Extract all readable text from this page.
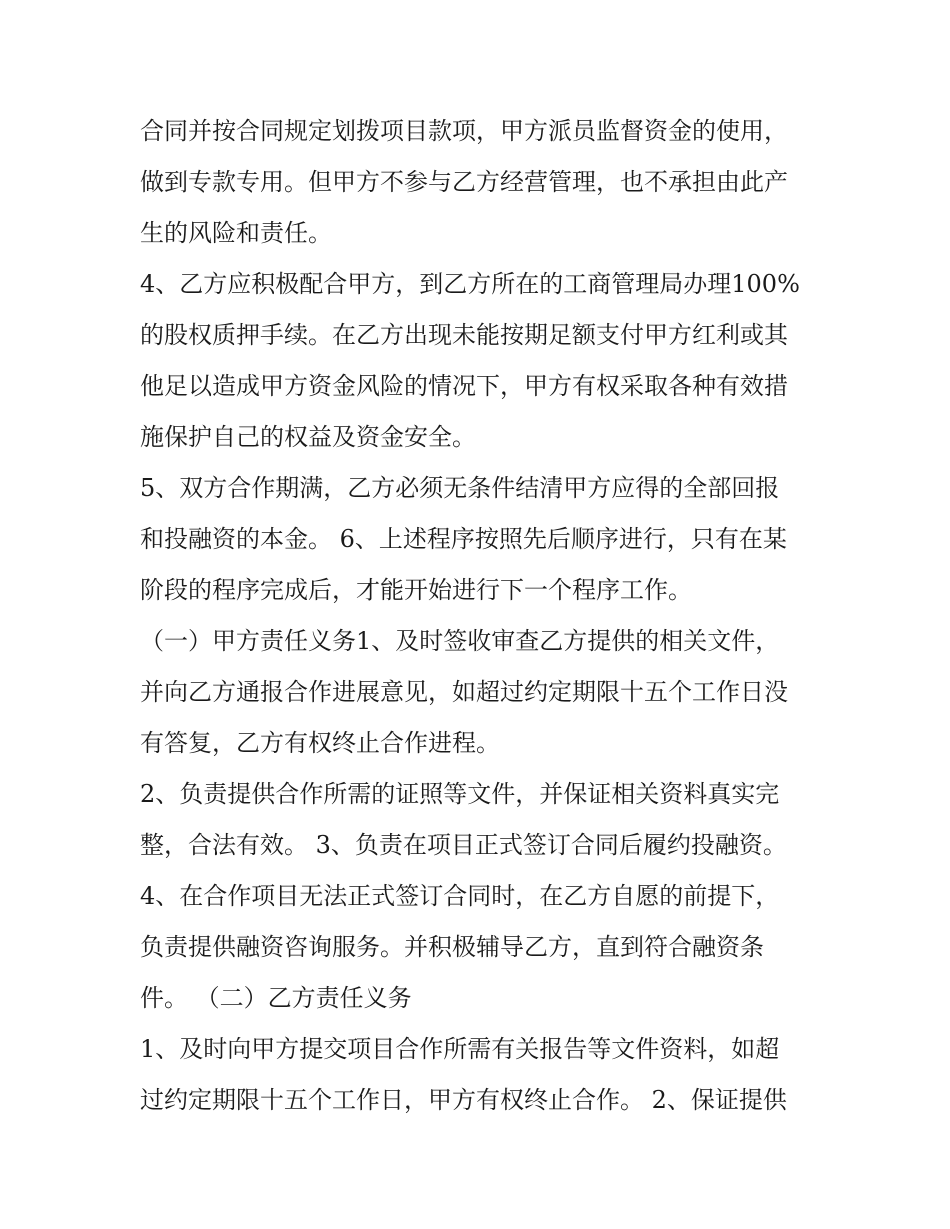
合同并按合同规定划拨项目款项，甲方派员监督资金的使用，
做到专款专用。但甲方不参与乙方经营管理，也不承担由此产
生的风险和责任。
4、乙方应积极配合甲方，到乙方所在的工商管理局办理100%
的股权质押手续。在乙方出现未能按期足额支付甲方红利或其
他足以造成甲方资金风险的情况下，甲方有权采取各种有效措
施保护自己的权益及资金安全。
5、双方合作期满，乙方必须无条件结清甲方应得的全部回报
和投融资的本金。 6、上述程序按照先后顺序进行，只有在某
阶段的程序完成后，才能开始进行下一个程序工作。
（一）甲方责任义务1、及时签收审查乙方提供的相关文件，
并向乙方通报合作进展意见，如超过约定期限十五个工作日没
有答复，乙方有权终止合作进程。
2、负责提供合作所需的证照等文件，并保证相关资料真实完
整，合法有效。 3、负责在项目正式签订合同后履约投融资。
4、在合作项目无法正式签订合同时，在乙方自愿的前提下，
负责提供融资咨询服务。并积极辅导乙方，直到符合融资条
件。 （二）乙方责任义务
1、及时向甲方提交项目合作所需有关报告等文件资料，如超
过约定期限十五个工作日，甲方有权终止合作。 2、保证提供
